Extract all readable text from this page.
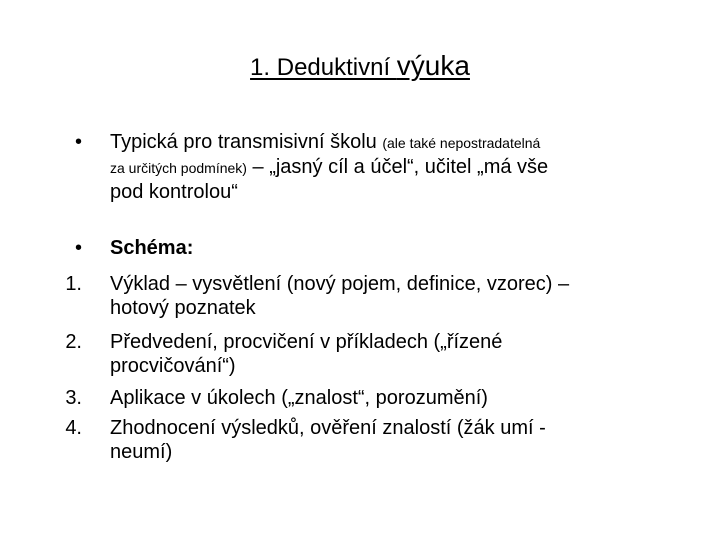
1. Deduktivní výuka
• Typická pro transmisivní školu (ale také nepostradatelná
za určitých podmínek) – „jasný cíl a účel“, učitel „má vše
pod kontrolou“
• Schéma:
1. Výklad – vysvětlení (nový pojem, definice, vzorec) –
hotový poznatek
2. Předvedení, procvičení v příkladech („řízené
procvičování“)
3. Aplikace v úkolech („znalost“, porozumění)
4. Zhodnocení výsledků, ověření znalostí (žák umí -
neumí)
